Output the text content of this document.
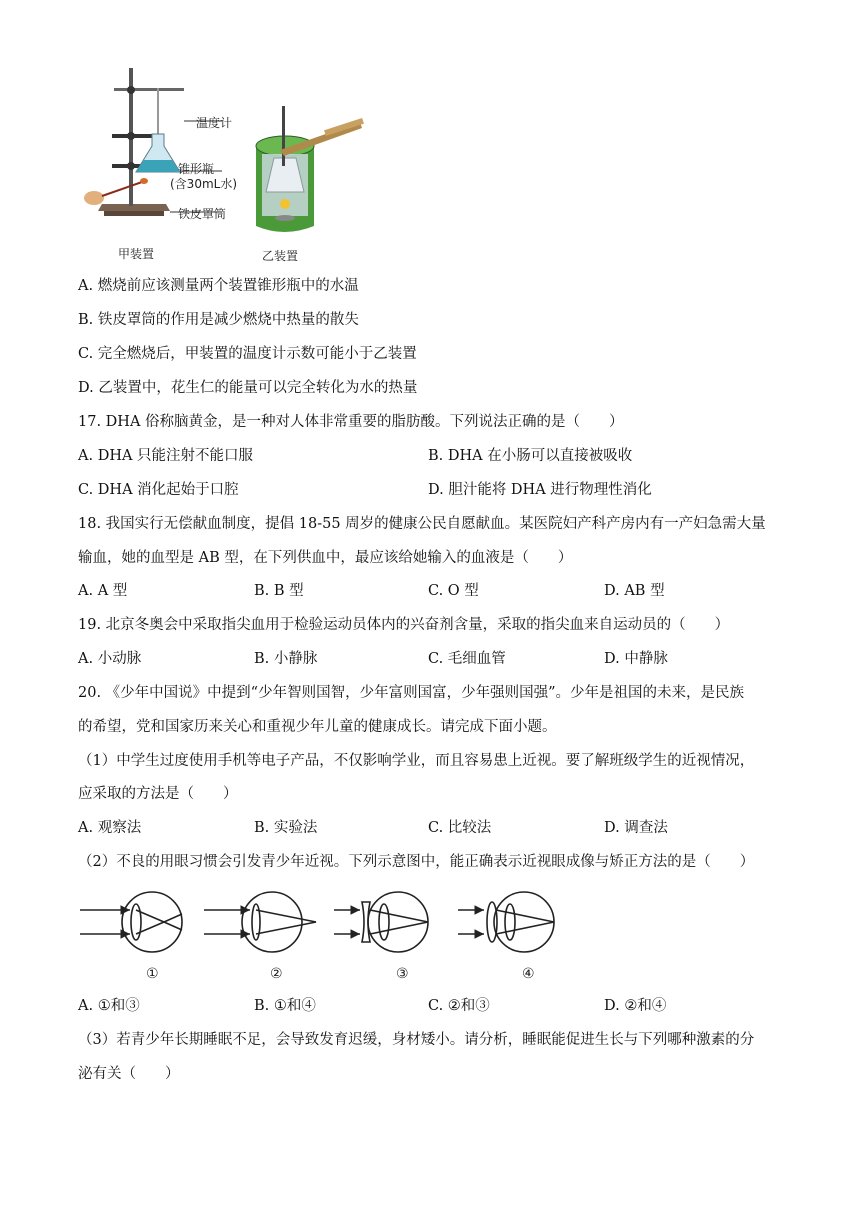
温度计
锥形瓶
(含30mL水)
铁皮罩筒
甲装置	乙装置
A. 燃烧前应该测量两个装置锥形瓶中的水温
B. 铁皮罩筒的作用是减少燃烧中热量的散失
C. 完全燃烧后，甲装置的温度计示数可能小于乙装置
D. 乙装置中，花生仁的能量可以完全转化为水的热量
17. DHA 俗称脑黄金，是一种对人体非常重要的脂肪酸。下列说法正确的是（　　）
A. DHA 只能注射不能口服	B. DHA 在小肠可以直接被吸收
C. DHA 消化起始于口腔	D. 胆汁能将 DHA 进行物理性消化
18. 我国实行无偿献血制度，提倡 18-55 周岁的健康公民自愿献血。某医院妇产科产房内有一产妇急需大量
输血，她的血型是 AB 型，在下列供血中，最应该给她输入的血液是（　　）
A. A 型	B. B 型	C. O 型	D. AB 型
19. 北京冬奥会中采取指尖血用于检验运动员体内的兴奋剂含量，采取的指尖血来自运动员的（　　）
A. 小动脉	B. 小静脉	C. 毛细血管	D. 中静脉
20. 《少年中国说》中提到“少年智则国智，少年富则国富，少年强则国强”。少年是祖国的未来，是民族
的希望，党和国家历来关心和重视少年儿童的健康成长。请完成下面小题。
（1）中学生过度使用手机等电子产品，不仅影响学业，而且容易患上近视。要了解班级学生的近视情况，
应采取的方法是（　　）
A. 观察法	B. 实验法	C. 比较法	D. 调查法
（2）不良的用眼习惯会引发青少年近视。下列示意图中，能正确表示近视眼成像与矫正方法的是（　　）
①	②	③	④
A. ①和③	B. ①和④	C. ②和③	D. ②和④
（3）若青少年长期睡眠不足，会导致发育迟缓，身材矮小。请分析，睡眠能促进生长与下列哪种激素的分
泌有关（　　）
